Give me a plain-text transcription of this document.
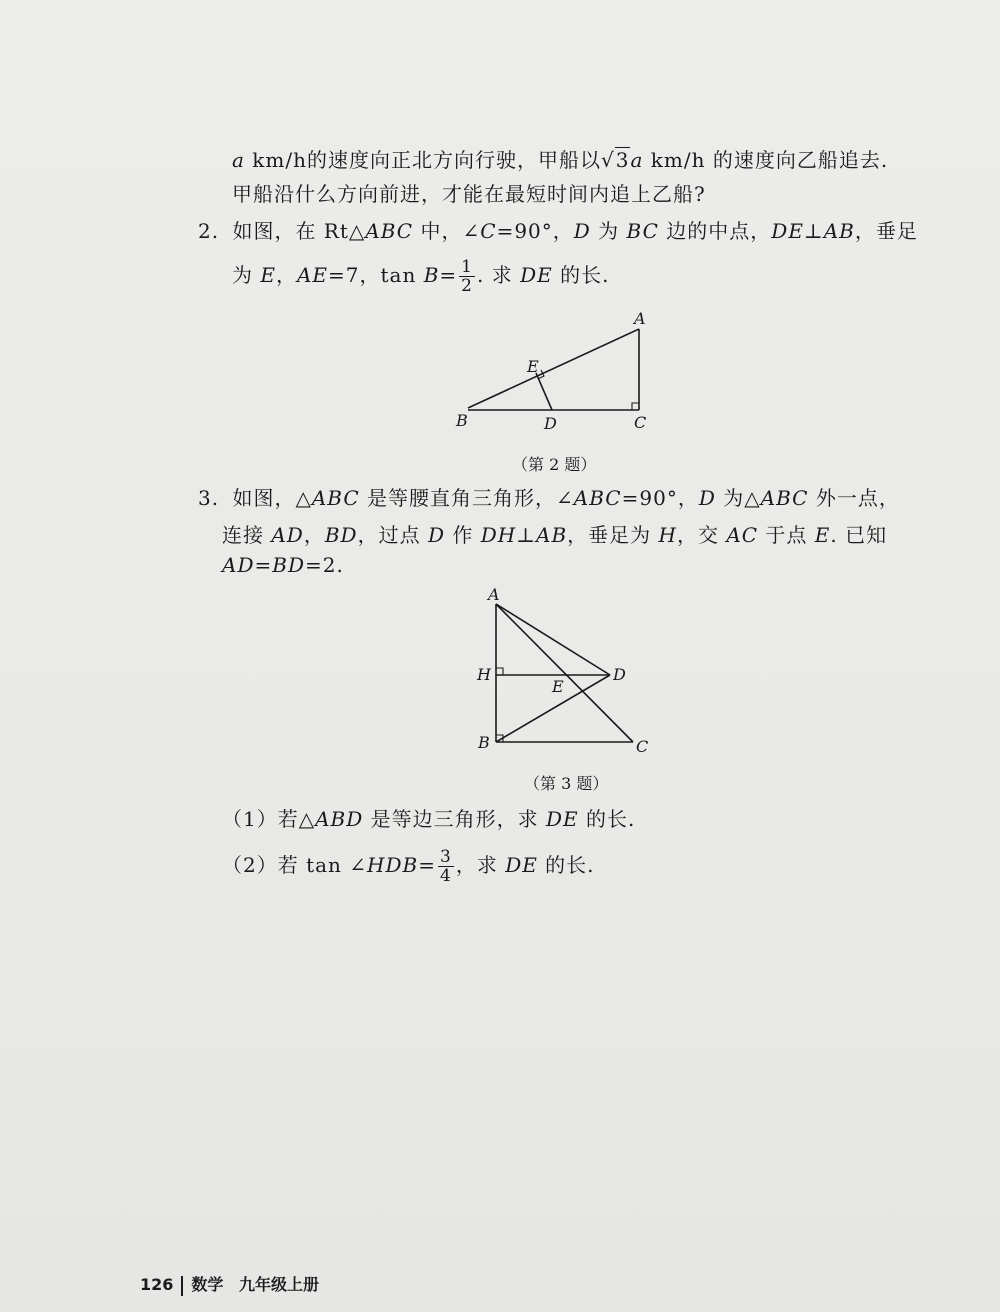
a km/h的速度向正北方向行驶，甲船以√3a km/h 的速度向乙船追去.
甲船沿什么方向前进，才能在最短时间内追上乙船?
2. 如图，在 Rt△ABC 中，∠C=90°，D 为 BC 边的中点，DE⊥AB，垂足
为 E，AE=7，$\tan B= \frac{1}{2}$ . 求 DE 的长.
A
B	C
D
E
（第 2 题）
3. 如图，△ABC 是等腰直角三角形，∠ABC=90°，D 为△ABC 外一点，
连接 AD，BD，过点 D 作 DH⊥AB，垂足为 H，交 AC 于点 E. 已知
AD=BD=2.
A
H
E
D
B	C
（第 3 题）
（1）若△ABD 是等边三角形，求 DE 的长.
（2）若 tan ∠HDB= $\frac{3}{4}$ ，求 DE 的长.
126 数学 九年级上册
